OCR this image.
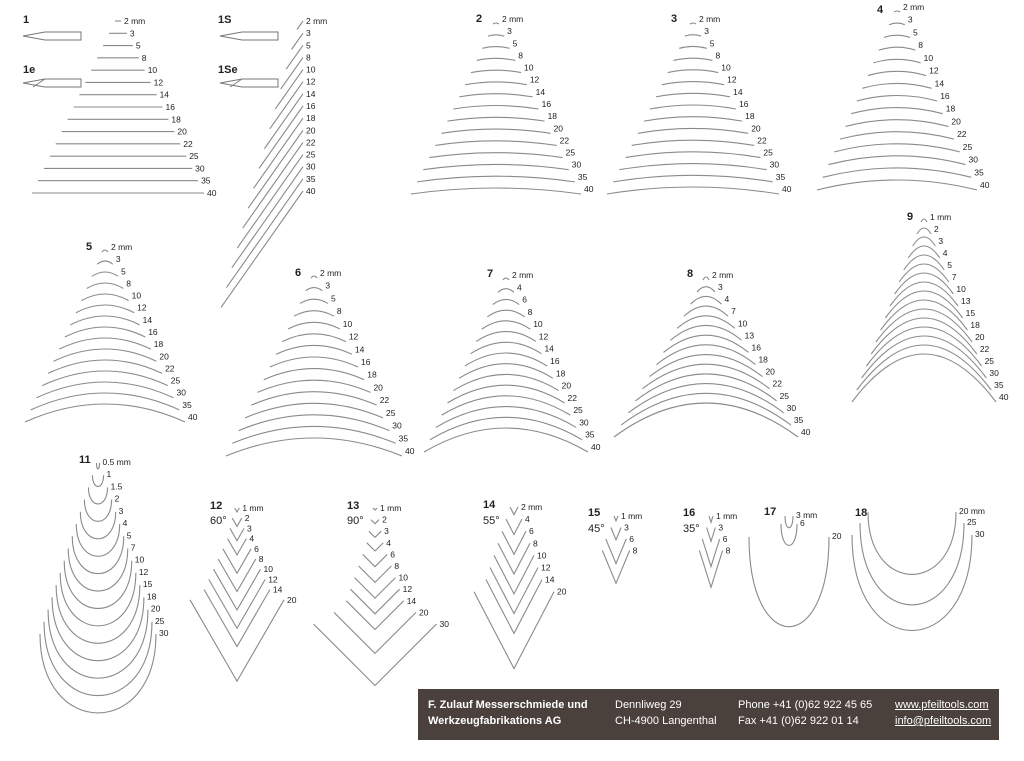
1
1e
2 mm
3
5
8
10
12
14
16
18
20
22
25
30
35
40
1S
1Se
2 mm
3
5
8
10
12
14
16
18
20
22
25
30
35
40
2 2 mm
3
5
8
10
12
14
16
18
20
22
25
30
35
40
3	2 mm
3
5
8
10
12
14
16
18
20
22
25
30
35
40
4 2 mm
3
5
8
10
12
14
16
18
20
22
25
30
35
40
5 2 mm
3
5
8
10
12
14
16
18
20
22
25
30
35
40
6 2 mm
3
5
8
10
12
14
16
18
20
22
25
30
35
40
7 2 mm
4
6
8
10
12
14
16
18
20
22
25
30
35
40
8 2 mm
3
4
7
10
13
16
18
20
22
25
30
35
40
9 1 mm
2
3
4
5
7
10
13
15
18
20
22
25
30
35
40
11 0.5 mm
1
1.5
2
3
4
5
7
10
12
15
18
20
25
30
12
60°
1 mm
2
3
4
6
8
10
12
14
20
13
90°
1 mm
2
3
4
6
8
10
12
14
20
30
14
55°
2 mm
4
6
8
10
12
14
20
15
45°
1 mm
3
6
8
16
35°
1 mm
3
6
8
17 3 mm
6
20
18	20 mm
25
30
F. Zulauf Messerschmiede und
Werkzeugfabrikations AG
Dennliweg 29
CH-4900 Langenthal
Phone +41 (0)62 922 45 65
Fax +41 (0)62 922 01 14
www.pfeiltools.com
info@pfeiltools.com
